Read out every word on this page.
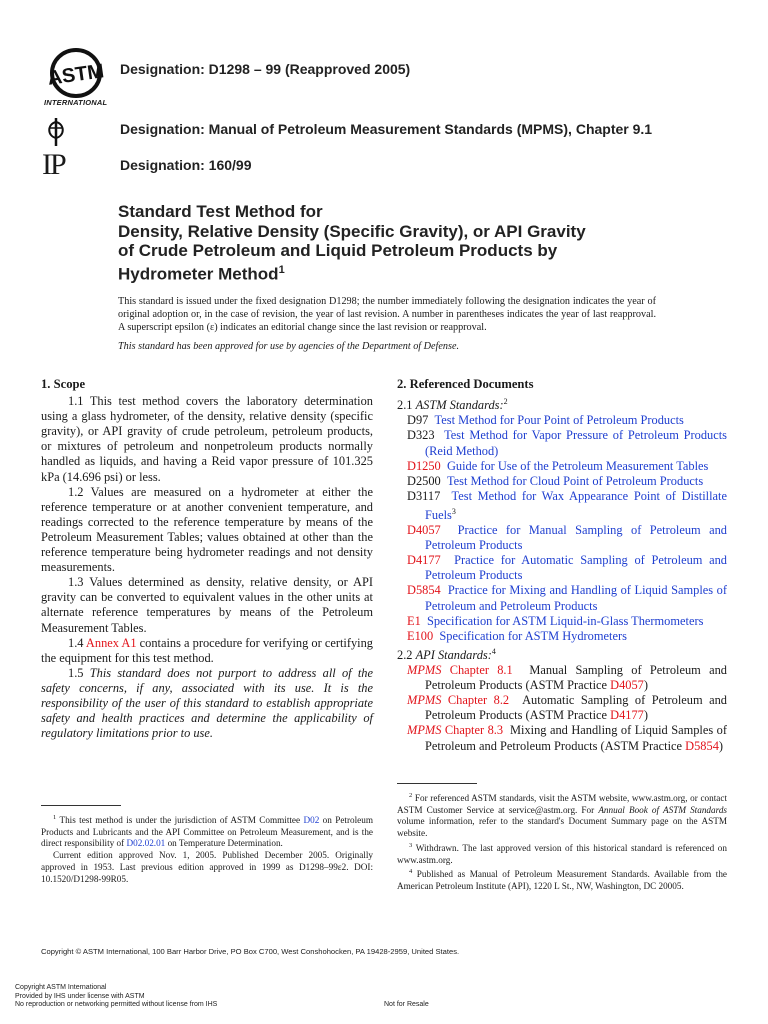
ASTM
INTERNATIONAL
Designation: D1298 – 99 (Reapproved 2005)
Designation: Manual of Petroleum Measurement Standards (MPMS), Chapter 9.1
Designation: 160/99
IP
Standard Test Method for
Density, Relative Density (Specific Gravity), or API Gravity
of Crude Petroleum and Liquid Petroleum Products by
Hydrometer Method$^1$

This standard is issued under the fixed designation D1298; the number immediately following the designation indicates the year of original adoption or, in the case of revision, the year of last revision. A number in parentheses indicates the year of last reapproval. A superscript epsilon (ε) indicates an editorial change since the last revision or reapproval.

This standard has been approved for use by agencies of the Department of Defense.

1. Scope

1.1 This test method covers the laboratory determination using a glass hydrometer, of the density, relative density (specific gravity), or API gravity of crude petroleum, petroleum products, or mixtures of petroleum and nonpetroleum products normally handled as liquids, and having a Reid vapor pressure of 101.325 kPa (14.696 psi) or less.

1.2 Values are measured on a hydrometer at either the reference temperature or at another convenient temperature, and readings corrected to the reference temperature by means of the Petroleum Measurement Tables; values obtained at other than the reference temperature being hydrometer readings and not density measurements.

1.3 Values determined as density, relative density, or API gravity can be converted to equivalent values in the other units at alternate reference temperatures by means of the Petroleum Measurement Tables.

1.4 Annex A1 contains a procedure for verifying or certifying the equipment for this test method.

1.5 This standard does not purport to address all of the safety concerns, if any, associated with its use. It is the responsibility of the user of this standard to establish appropriate safety and health practices and determine the applicability of regulatory limitations prior to use.

2. Referenced Documents

2.1 ASTM Standards:$^2$

D97 Test Method for Pour Point of Petroleum Products

D323 Test Method for Vapor Pressure of Petroleum Products (Reid Method)

D1250 Guide for Use of the Petroleum Measurement Tables

D2500 Test Method for Cloud Point of Petroleum Products

D3117 Test Method for Wax Appearance Point of Distillate Fuels$^3$

D4057 Practice for Manual Sampling of Petroleum and Petroleum Products

D4177 Practice for Automatic Sampling of Petroleum and Petroleum Products

D5854 Practice for Mixing and Handling of Liquid Samples of Petroleum and Petroleum Products

E1 Specification for ASTM Liquid-in-Glass Thermometers

E100 Specification for ASTM Hydrometers

2.2 API Standards:$^4$

MPMS Chapter 8.1 Manual Sampling of Petroleum and Petroleum Products (ASTM Practice D4057)

MPMS Chapter 8.2 Automatic Sampling of Petroleum and Petroleum Products (ASTM Practice D4177)

MPMS Chapter 8.3 Mixing and Handling of Liquid Samples of Petroleum and Petroleum Products (ASTM Practice D5854)

$^1$ This test method is under the jurisdiction of ASTM Committee D02 on Petroleum Products and Lubricants and the API Committee on Petroleum Measurement, and is the direct responsibility of D02.02.01 on Temperature Determination.

Current edition approved Nov. 1, 2005. Published December 2005. Originally approved in 1953. Last previous edition approved in 1999 as D1298–99ε2. DOI: 10.1520/D1298-99R05.

$^2$ For referenced ASTM standards, visit the ASTM website, www.astm.org, or contact ASTM Customer Service at service@astm.org. For Annual Book of ASTM Standards volume information, refer to the standard's Document Summary page on the ASTM website.

$^3$ Withdrawn. The last approved version of this historical standard is referenced on www.astm.org.

$^4$ Published as Manual of Petroleum Measurement Standards. Available from the American Petroleum Institute (API), 1220 L St., NW, Washington, DC 20005.

Copyright © ASTM International, 100 Barr Harbor Drive, PO Box C700, West Conshohocken, PA 19428-2959, United States.
Copyright ASTM International
Provided by IHS under license with ASTM
No reproduction or networking permitted without license from IHS	Not for Resale
